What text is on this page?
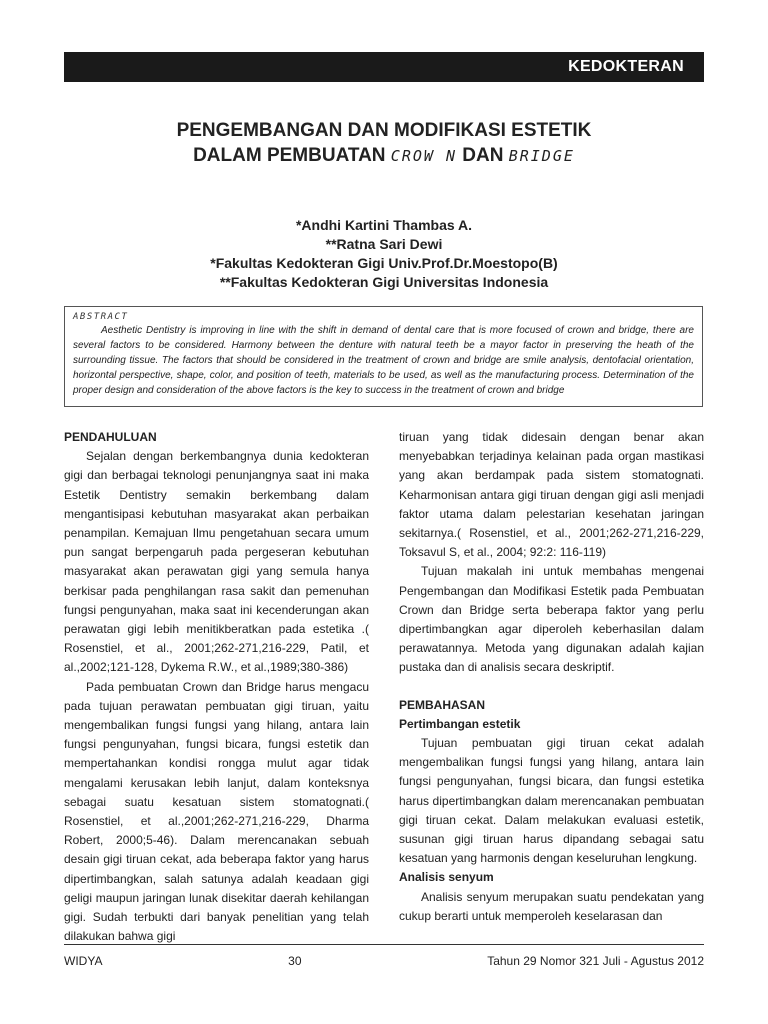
KEDOKTERAN
PENGEMBANGAN DAN MODIFIKASI ESTETIK
DALAM PEMBUATAN CROW N DAN BRIDGE
*Andhi Kartini Thambas A.
**Ratna Sari Dewi
*Fakultas Kedokteran Gigi Univ.Prof.Dr.Moestopo(B)
**Fakultas Kedokteran Gigi Universitas Indonesia
ABSTRACT

Aesthetic Dentistry is improving in line with the shift in demand of dental care that is more focused of crown and bridge, there are several factors to be considered. Harmony between the denture with natural teeth be a mayor factor in preserving the heath of the surrounding tissue. The factors that should be considered in the treatment of crown and bridge are smile analysis, dentofacial orientation, horizontal perspective, shape, color, and position of teeth, materials to be used, as well as the manufacturing process. Determination of the proper design and consideration of the above factors is the key to success in the treatment of crown and bridge

PENDAHULUAN

Sejalan dengan berkembangnya dunia kedokteran gigi dan berbagai teknologi penunjangnya saat ini maka Estetik Dentistry semakin berkembang dalam mengantisipasi kebutuhan masyarakat akan perbaikan penampilan. Kemajuan Ilmu pengetahuan secara umum pun sangat berpengaruh pada pergeseran kebutuhan masyarakat akan perawatan gigi yang semula hanya berkisar pada penghilangan rasa sakit dan pemenuhan fungsi pengunyahan, maka saat ini kecenderungan akan perawatan gigi lebih menitikberatkan pada estetika .( Rosenstiel, et al., 2001;262-271,216-229, Patil, et al.,2002;121-128, Dykema R.W., et al.,1989;380-386)

Pada pembuatan Crown dan Bridge harus mengacu pada tujuan perawatan pembuatan gigi tiruan, yaitu mengembalikan fungsi fungsi yang hilang, antara lain fungsi pengunyahan, fungsi bicara, fungsi estetik dan mempertahankan kondisi rongga mulut agar tidak mengalami kerusakan lebih lanjut, dalam konteksnya sebagai suatu kesatuan sistem stomatognati.( Rosenstiel, et al.,2001;262-271,216-229, Dharma Robert, 2000;5-46). Dalam merencanakan sebuah desain gigi tiruan cekat, ada beberapa faktor yang harus dipertimbangkan, salah satunya adalah keadaan gigi geligi maupun jaringan lunak disekitar daerah kehilangan gigi. Sudah terbukti dari banyak penelitian yang telah dilakukan bahwa gigi

tiruan yang tidak didesain dengan benar akan menyebabkan terjadinya kelainan pada organ mastikasi yang akan berdampak pada sistem stomatognati. Keharmonisan antara gigi tiruan dengan gigi asli menjadi faktor utama dalam pelestarian kesehatan jaringan sekitarnya.( Rosenstiel, et al., 2001;262-271,216-229, Toksavul S, et al., 2004; 92:2: 116-119)

Tujuan makalah ini untuk membahas mengenai Pengembangan dan Modifikasi Estetik pada Pembuatan Crown dan Bridge serta beberapa faktor yang perlu dipertimbangkan agar diperoleh keberhasilan dalam perawatannya. Metoda yang digunakan adalah kajian pustaka dan di analisis secara deskriptif.

PEMBAHASAN
Pertimbangan estetik

Tujuan pembuatan gigi tiruan cekat adalah mengembalikan fungsi fungsi yang hilang, antara lain fungsi pengunyahan, fungsi bicara, dan fungsi estetika harus dipertimbangkan dalam merencanakan pembuatan gigi tiruan cekat. Dalam melakukan evaluasi estetik, susunan gigi tiruan harus dipandang sebagai satu kesatuan yang harmonis dengan keseluruhan lengkung.

Analisis senyum

Analisis senyum merupakan suatu pendekatan yang cukup berarti untuk memperoleh keselarasan dan

WIDYA	30	Tahun 29 Nomor 321 Juli - Agustus 2012
